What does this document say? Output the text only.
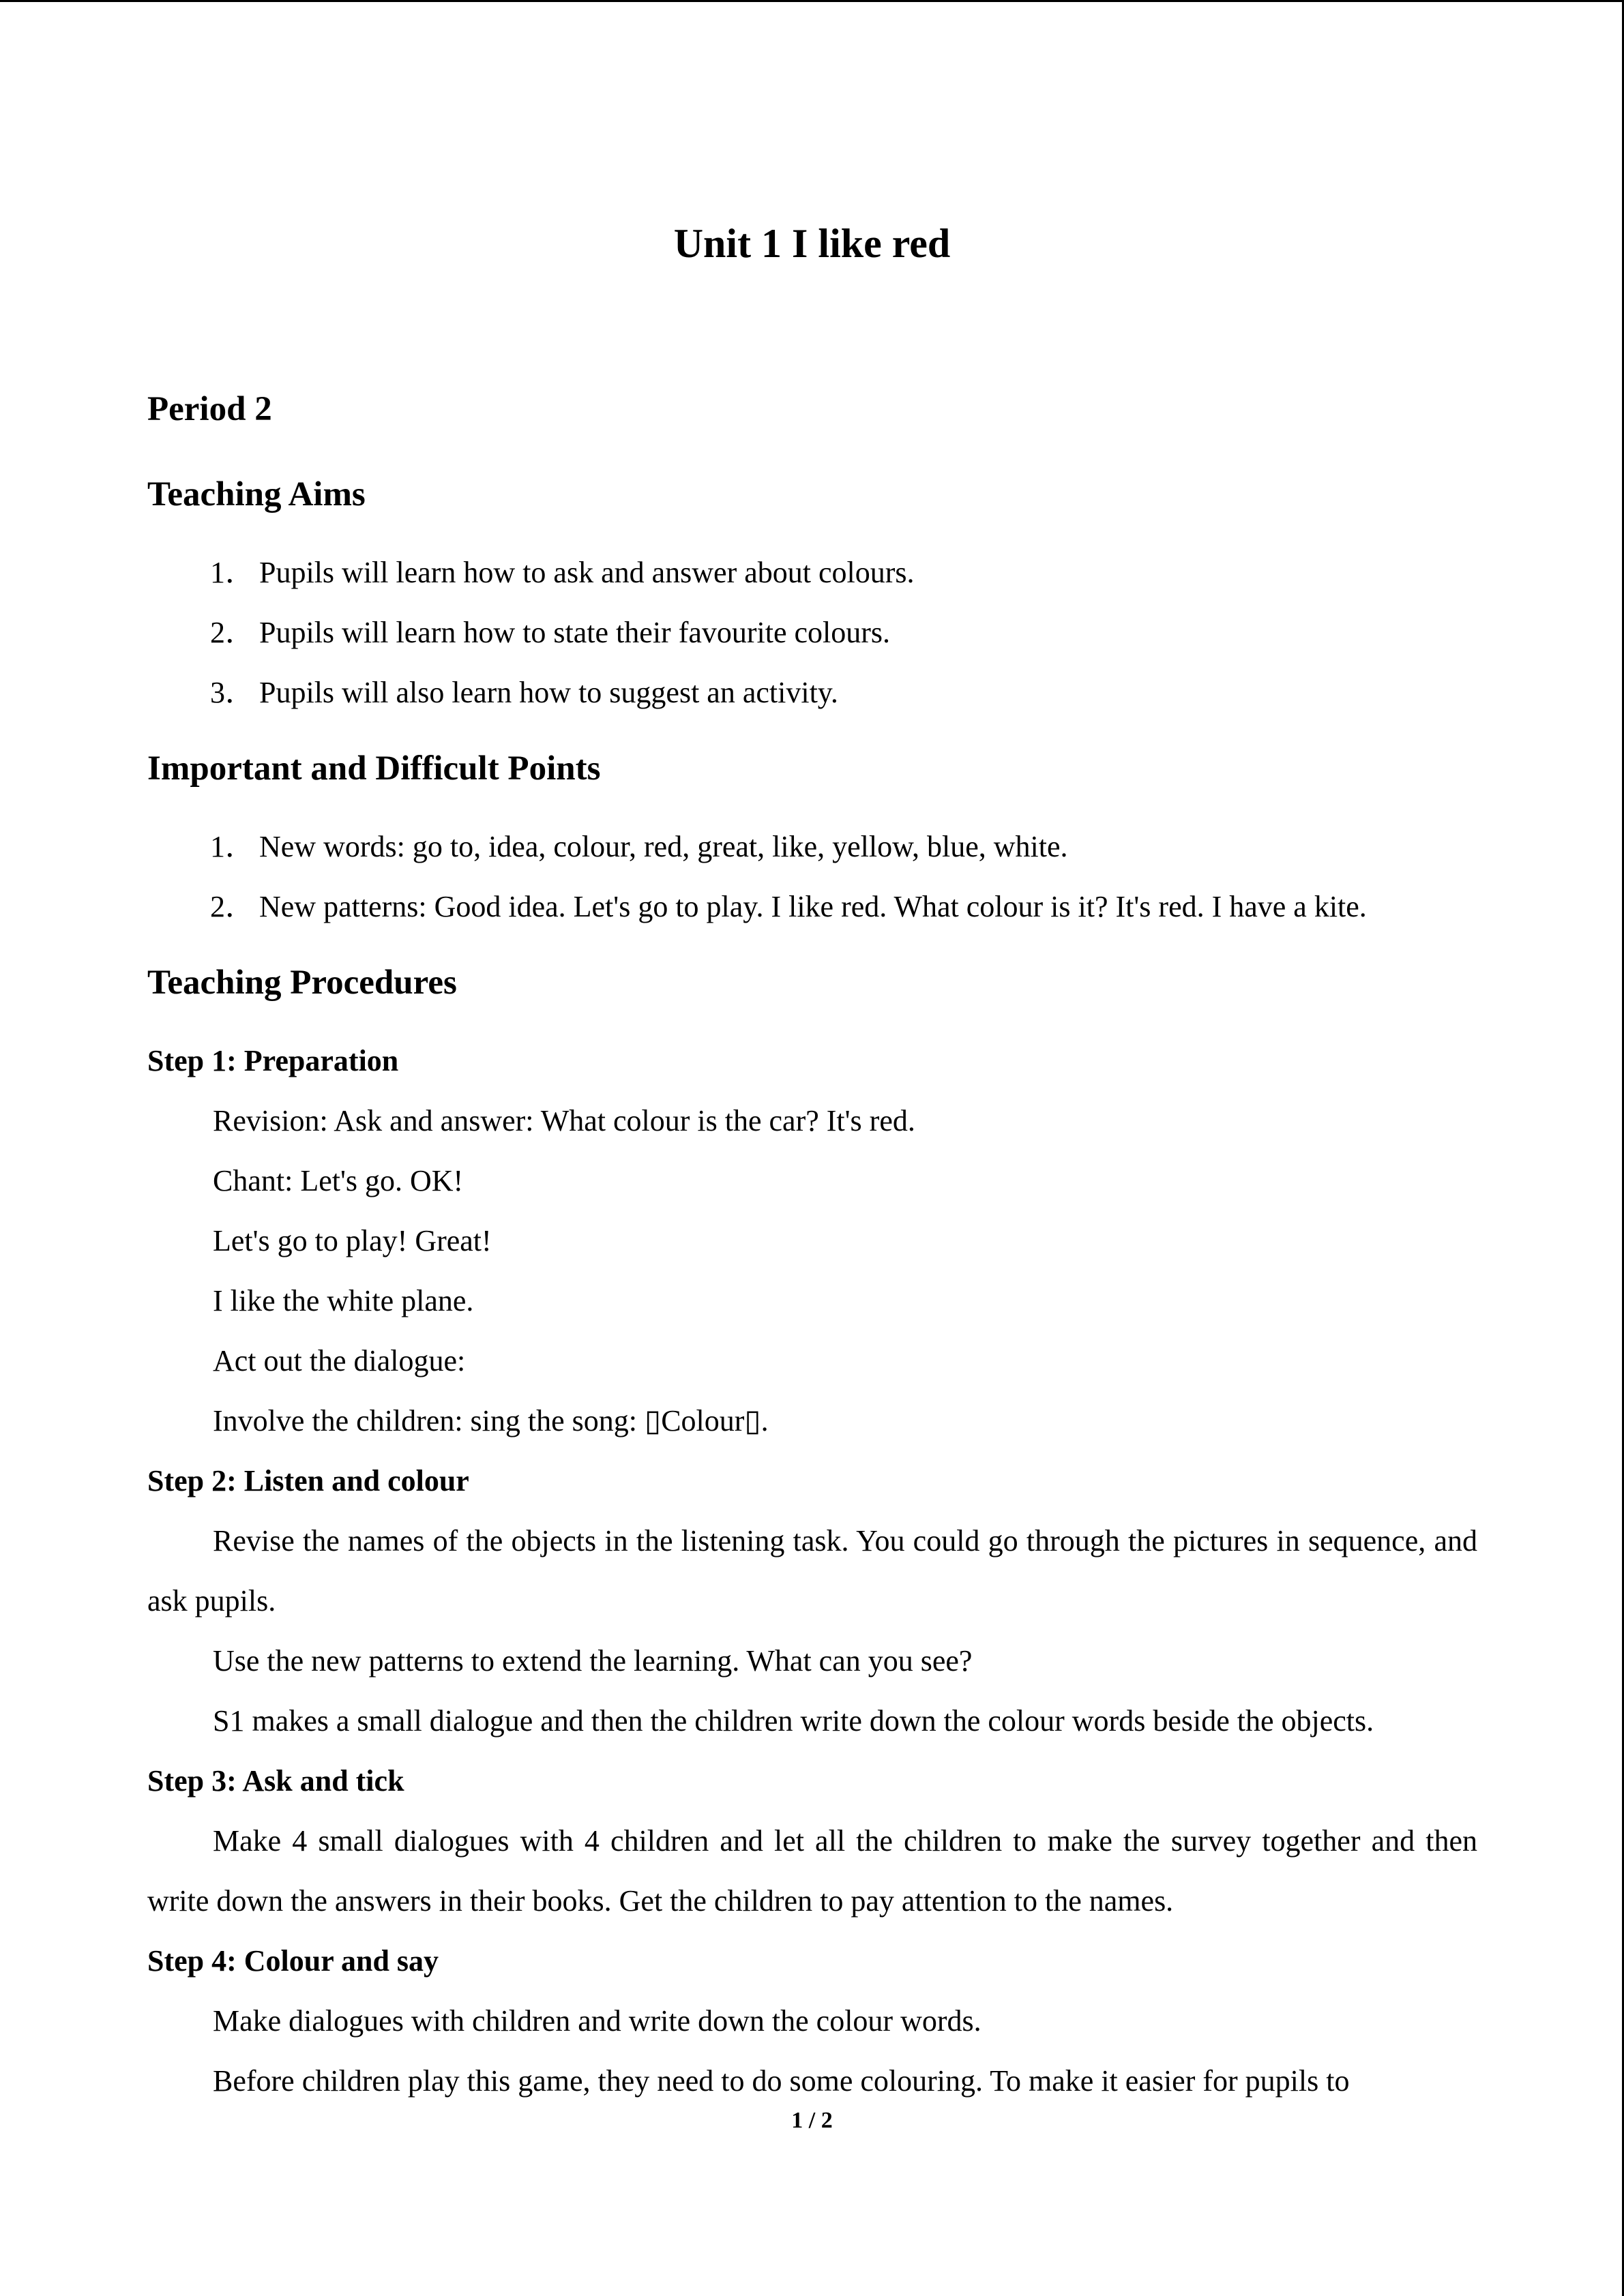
Unit 1 I like red
Period 2
Teaching Aims
1． Pupils will learn how to ask and answer about colours.
2． Pupils will learn how to state their favourite colours.
3． Pupils will also learn how to suggest an activity.
Important and Difficult Points
1． New words: go to, idea, colour, red, great, like, yellow, blue, white.
2． New patterns: Good idea. Let's go to play. I like red. What colour is it? It's red. I have a kite.
Teaching Procedures
Step 1: Preparation

Revision: Ask and answer: What colour is the car? It's red.

Chant: Let's go. OK!

Let's go to play! Great!

I like the white plane.

Act out the dialogue:

Involve the children: sing the song: ▯Colour▯.

Step 2: Listen and colour

Revise the names of the objects in the listening task. You could go through the pictures in sequence, and ask pupils.

Use the new patterns to extend the learning. What can you see?

S1 makes a small dialogue and then the children write down the colour words beside the objects.

Step 3: Ask and tick

Make 4 small dialogues with 4 children and let all the children to make the survey together and then write down the answers in their books. Get the children to pay attention to the names.

Step 4: Colour and say

Make dialogues with children and write down the colour words.

Before children play this game, they need to do some colouring. To make it easier for pupils to

1 / 2
